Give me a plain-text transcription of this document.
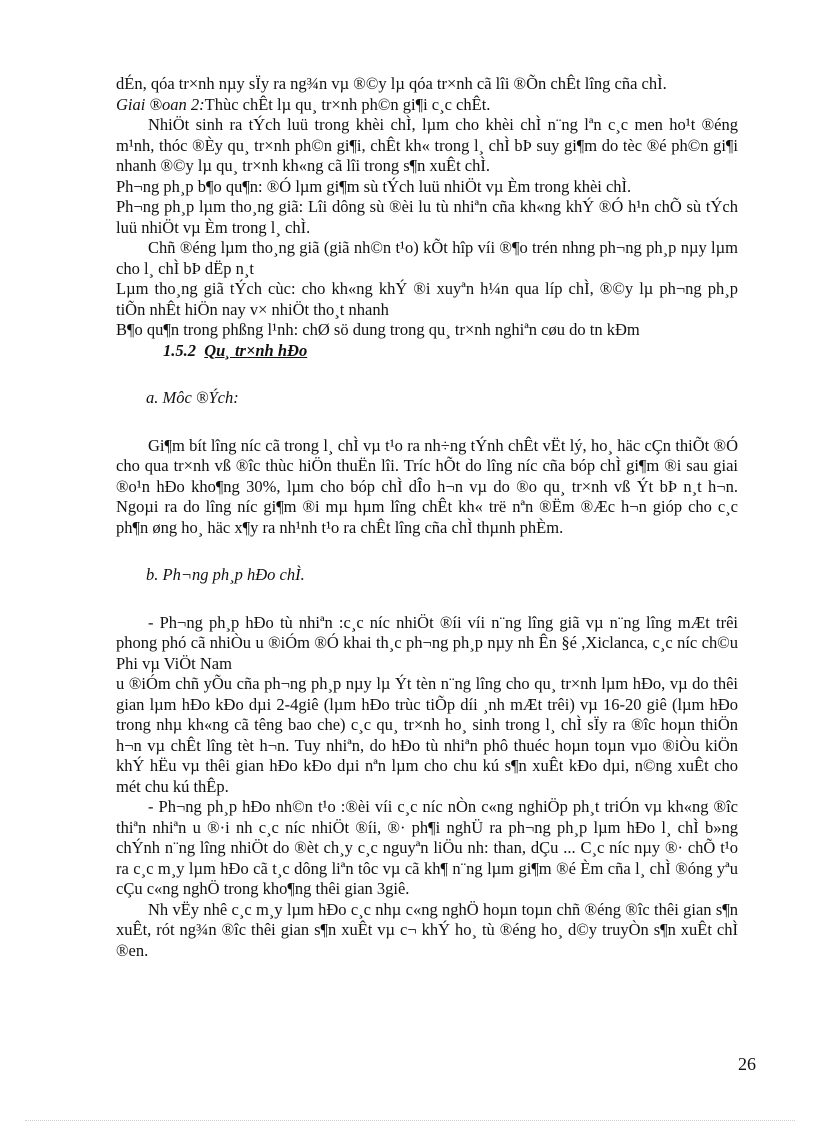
dÉn, qóa tr×nh nµy sÏy ra ng¾n vµ ®©y lµ qóa tr×nh cã lîi ®Õn chÊt lîng cña chÌ.

Giai ®oan 2:Thùc chÊt lµ qu¸ tr×nh ph©n gi¶i c¸c chÊt.

NhiÖt sinh ra tÝch luü trong khèi chÌ, lµm cho khèi chÌ n¨ng lªn c¸c men ho¹t ®éng m¹nh, thóc ®Èy qu¸ tr×nh ph©n gi¶i, chÊt kh« trong l¸ chÌ bÞ suy gi¶m do tèc ®é ph©n gi¶i nhanh ®©y lµ qu¸ tr×nh kh«ng cã lîi trong s¶n xuÊt chÌ.

Ph¬ng ph¸p b¶o qu¶n: ®Ó lµm gi¶m sù tÝch luü nhiÖt vµ Èm trong khèi chÌ.

Ph¬ng ph¸p lµm tho¸ng giã: Lîi dông sù ®èi lu tù nhiªn cña kh«ng khÝ ®Ó h¹n chÕ sù tÝch luü nhiÖt vµ Èm trong l¸ chÌ.

Chñ ®éng lµm tho¸ng giã (giã nh©n t¹o) kÕt hîp víi ®¶o trén nhng ph¬ng ph¸p nµy lµm cho l¸ chÌ bÞ dËp n¸t

Lµm tho¸ng giã tÝch cùc: cho kh«ng khÝ ®i xuyªn h¼n qua líp chÌ, ®©y lµ ph¬ng ph¸p tiÕn nhÊt hiÖn nay v× nhiÖt tho¸t nhanh

B¶o qu¶n trong phßng l¹nh: chØ sö dung trong qu¸ tr×nh nghiªn cøu do tn kÐm

1.5.2 Qu¸ tr×nh hÐo

a. Môc ®Ých:

Gi¶m bít lîng níc cã trong l¸ chÌ vµ t¹o ra nh÷ng tÝnh chÊt vËt lý, ho¸ häc cÇn thiÕt ®Ó cho qua tr×nh vß ®îc thùc hiÖn thuËn lîi. Tríc hÕt do lîng níc cña bóp chÌ gi¶m ®i sau giai ®o¹n hÐo kho¶ng 30%, lµm cho bóp chÌ dÎo h¬n vµ do ®o qu¸ tr×nh vß Ýt bÞ n¸t h¬n. Ngoµi ra do lîng níc gi¶m ®i mµ hµm lîng chÊt kh« trë nªn ®Ëm ®Æc h¬n gióp cho c¸c ph¶n øng ho¸ häc x¶y ra nh¹nh t¹o ra chÊt lîng cña chÌ thµnh phÈm.

b. Ph¬ng ph¸p hÐo chÌ.

- Ph¬ng ph¸p hÐo tù nhiªn :c¸c níc nhiÖt ®íi víi n¨ng lîng giã vµ n¨ng lîng mÆt trêi phong phó cã nhiÒu u ®iÓm ®Ó khai th¸c ph¬ng ph¸p nµy nh Ên §é ,Xiclanca, c¸c níc ch©u Phi vµ ViÖt Nam

u ®iÓm chñ yÕu cña ph¬ng ph¸p nµy lµ Ýt tèn n¨ng lîng cho qu¸ tr×nh lµm hÐo, vµ do thêi gian lµm hÐo kÐo dµi 2-4giê (lµm hÐo trùc tiÕp díi ¸nh mÆt trêi) vµ 16-20 giê (lµm hÐo trong nhµ kh«ng cã têng bao che) c¸c qu¸ tr×nh ho¸ sinh trong l¸ chÌ sÏy ra ®îc hoµn thiÖn h¬n vµ chÊt lîng tèt h¬n. Tuy nhiªn, do hÐo tù nhiªn phô thuéc hoµn toµn vµo ®iÒu kiÖn khÝ hËu vµ thêi gian hÐo kÐo dµi nªn lµm cho chu kú s¶n xuÊt kÐo dµi, n©ng xuÊt cho mét chu kú thÊp.

- Ph¬ng ph¸p hÐo nh©n t¹o :®èi víi c¸c níc nÒn c«ng nghiÖp ph¸t triÓn vµ kh«ng ®îc thiªn nhiªn u ®·i nh c¸c níc nhiÖt ®íi, ®· ph¶i nghÜ ra ph¬ng ph¸p lµm hÐo l¸ chÌ b»ng chÝnh n¨ng lîng nhiÖt do ®èt ch¸y c¸c nguyªn liÖu nh: than, dÇu ... C¸c níc nµy ®· chÕ t¹o ra c¸c m¸y lµm hÐo cã t¸c dông liªn tôc vµ cã kh¶ n¨ng lµm gi¶m ®é Èm cña l¸ chÌ ®óng yªu cÇu c«ng nghÖ trong kho¶ng thêi gian 3giê.

Nh vËy nhê c¸c m¸y lµm hÐo c¸c nhµ c«ng nghÖ hoµn toµn chñ ®éng ®îc thêi gian s¶n xuÊt, rót ng¾n ®îc thêi gian s¶n xuÊt vµ c¬ khÝ ho¸ tù ®éng ho¸ d©y truyÒn s¶n xuÊt chÌ ®en.

26
